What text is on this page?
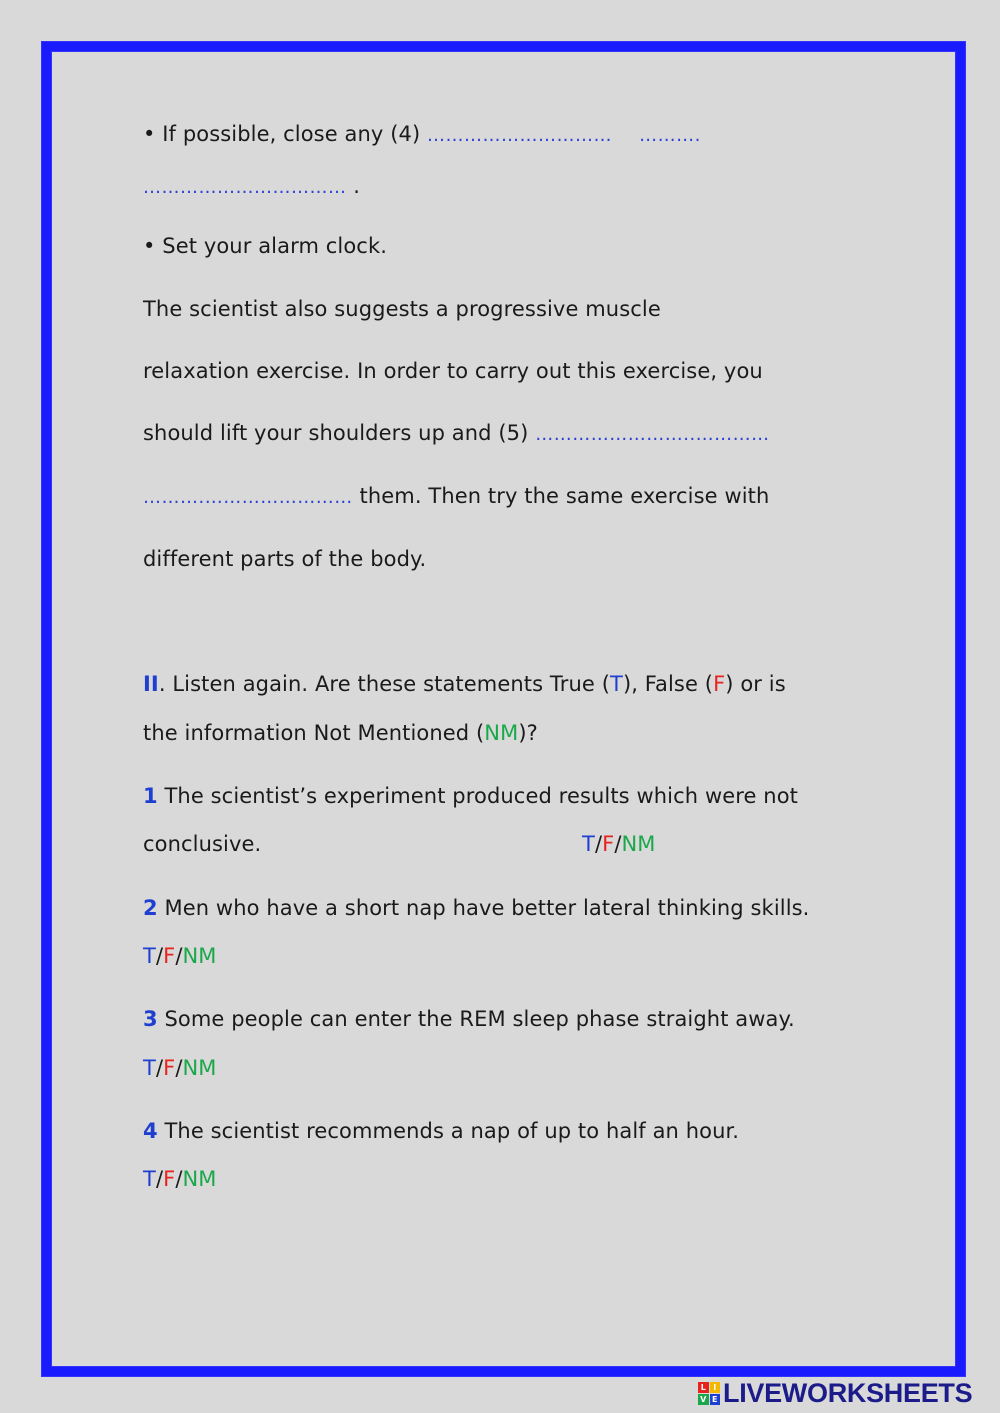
• If possible, close any (4) ………………………… ……….
…………………………… .
• Set your alarm clock.
The scientist also suggests a progressive muscle
relaxation exercise. In order to carry out this exercise, you
should lift your shoulders up and (5) ……………………..…………
……….…………………… them. Then try the same exercise with
different parts of the body.
II. Listen again. Are these statements True (T), False (F) or is
the information Not Mentioned (NM)?
1 The scientist’s experiment produced results which were not
conclusive.	T/F/NM
2 Men who have a short nap have better lateral thinking skills.
T/F/NM
3 Some people can enter the REM sleep phase straight away.
T/F/NM
4 The scientist recommends a nap of up to half an hour.
T/F/NM
L I
V E LIVEWORKSHEETS
